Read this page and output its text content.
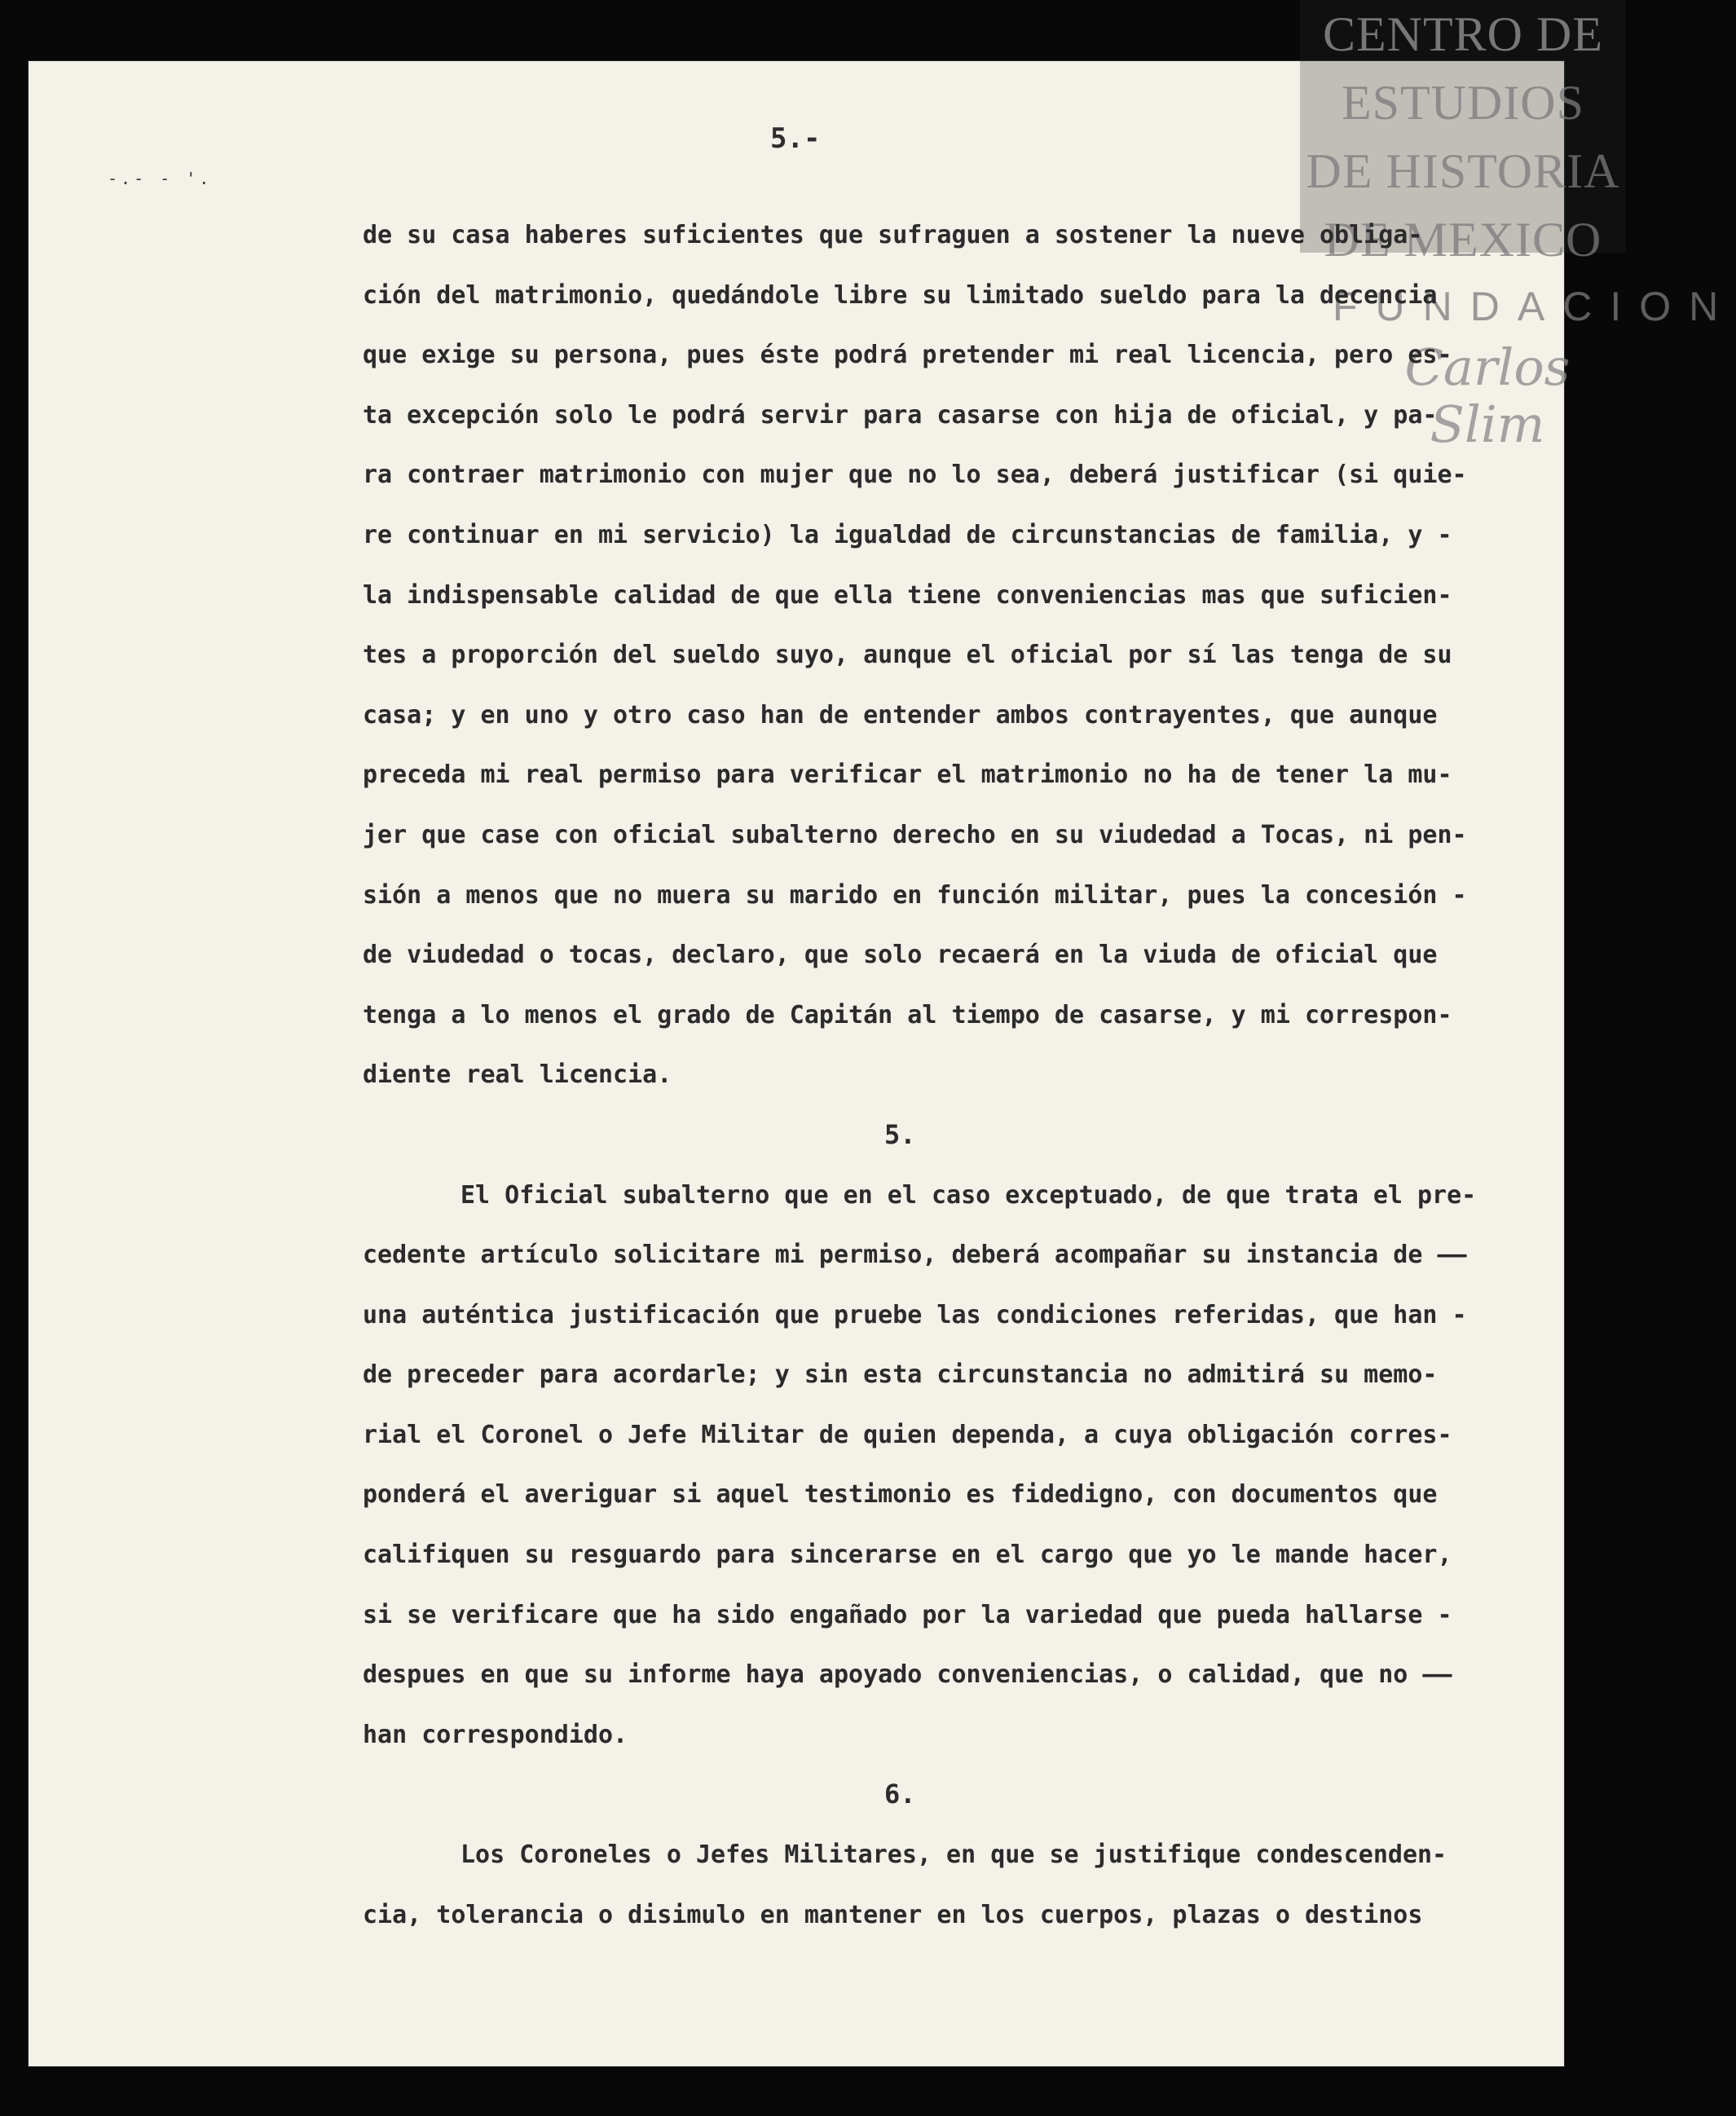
CENTRO DE
ESTUDIOS
DE HISTORIA
DE MEXICO
FUNDACION
Carlos Slim
-.- - '.
5.-
de su casa haberes suficientes que sufraguen a sostener la nueve obliga-
ción del matrimonio, quedándole libre su limitado sueldo para la decencia
que exige su persona, pues éste podrá pretender mi real licencia, pero es-
ta excepción solo le podrá servir para casarse con hija de oficial, y pa-
ra contraer matrimonio con mujer que no lo sea, deberá justificar (si quie-
re continuar en mi servicio) la igualdad de circunstancias de familia, y -
la indispensable calidad de que ella tiene conveniencias mas que suficien-
tes a proporción del sueldo suyo, aunque el oficial por sí las tenga de su
casa; y en uno y otro caso han de entender ambos contrayentes, que aunque
preceda mi real permiso para verificar el matrimonio no ha de tener la mu-
jer que case con oficial subalterno derecho en su viudedad a Tocas, ni pen-
sión a menos que no muera su marido en función militar, pues la concesión -
de viudedad o tocas, declaro, que solo recaerá en la viuda de oficial que
tenga a lo menos el grado de Capitán al tiempo de casarse, y mi correspon-
diente real licencia.
5.
El Oficial subalterno que en el caso exceptuado, de que trata el pre-
cedente artículo solicitare mi permiso, deberá acompañar su instancia de ——
una auténtica justificación que pruebe las condiciones referidas, que han -
de preceder para acordarle; y sin esta circunstancia no admitirá su memo-
rial el Coronel o Jefe Militar de quien dependa, a cuya obligación corres-
ponderá el averiguar si aquel testimonio es fidedigno, con documentos que
califiquen su resguardo para sincerarse en el cargo que yo le mande hacer,
si se verificare que ha sido engañado por la variedad que pueda hallarse -
despues en que su informe haya apoyado conveniencias, o calidad, que no ——
han correspondido.
6.
Los Coroneles o Jefes Militares, en que se justifique condescenden-
cia, tolerancia o disimulo en mantener en los cuerpos, plazas o destinos
